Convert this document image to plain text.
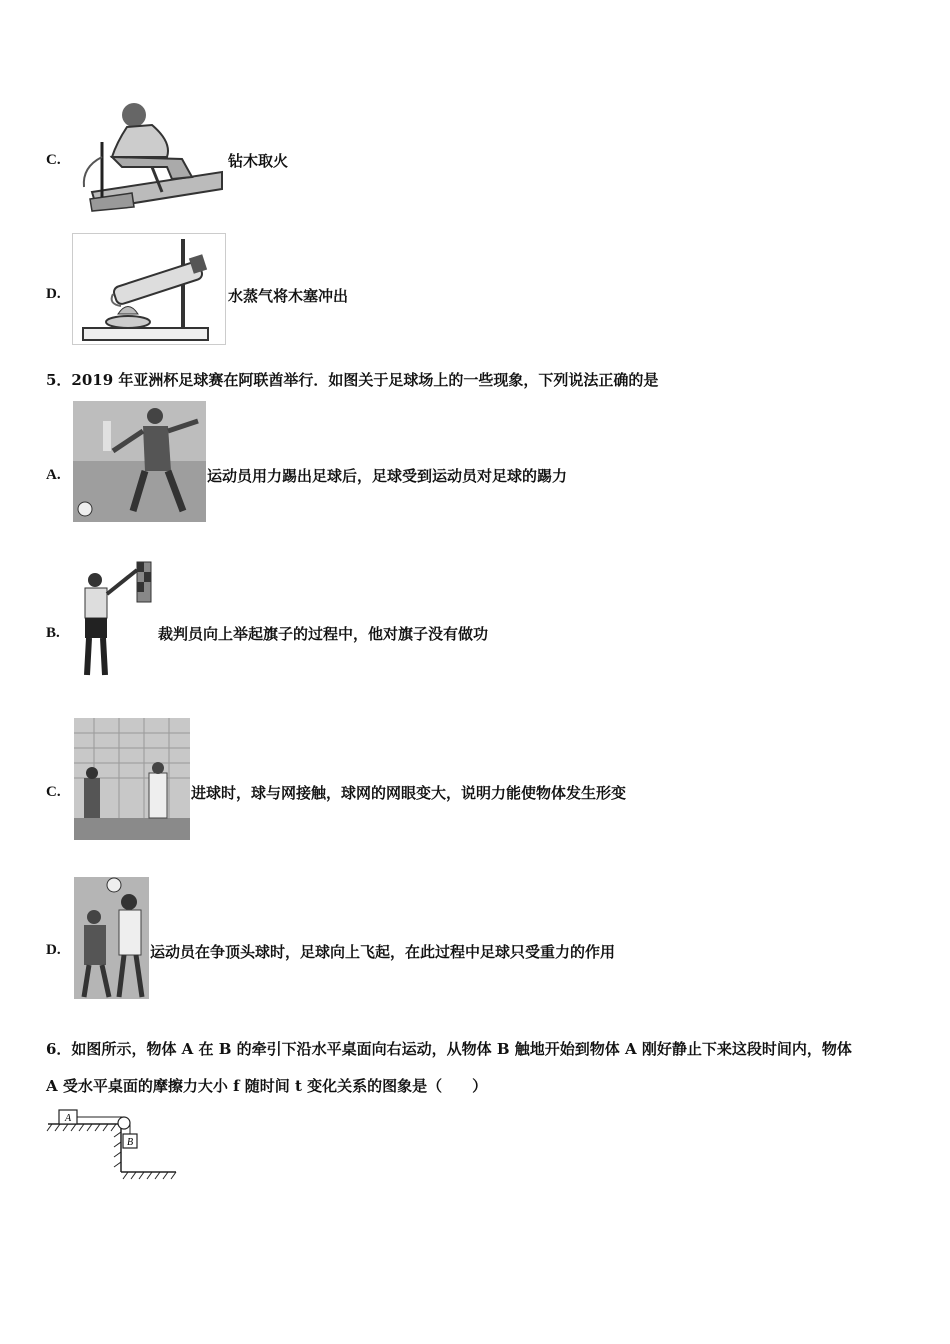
C.	钻木取火
D.	水蒸气将木塞冲出
5．2019 年亚洲杯足球赛在阿联酋举行．如图关于足球场上的一些现象，下列说法正确的是
A.	运动员用力踢出足球后，足球受到运动员对足球的踢力
B.	裁判员向上举起旗子的过程中，他对旗子没有做功
C.	进球时，球与网接触，球网的网眼变大，说明力能使物体发生形变
D.	运动员在争顶头球时，足球向上飞起，在此过程中足球只受重力的作用
6．如图所示，物体 A 在 B 的牵引下沿水平桌面向右运动，从物体 B 触地开始到物体 A 刚好静止下来这段时间内，物体
A 受水平桌面的摩擦力大小 f 随时间 t 变化关系的图象是（　　）
A
B
